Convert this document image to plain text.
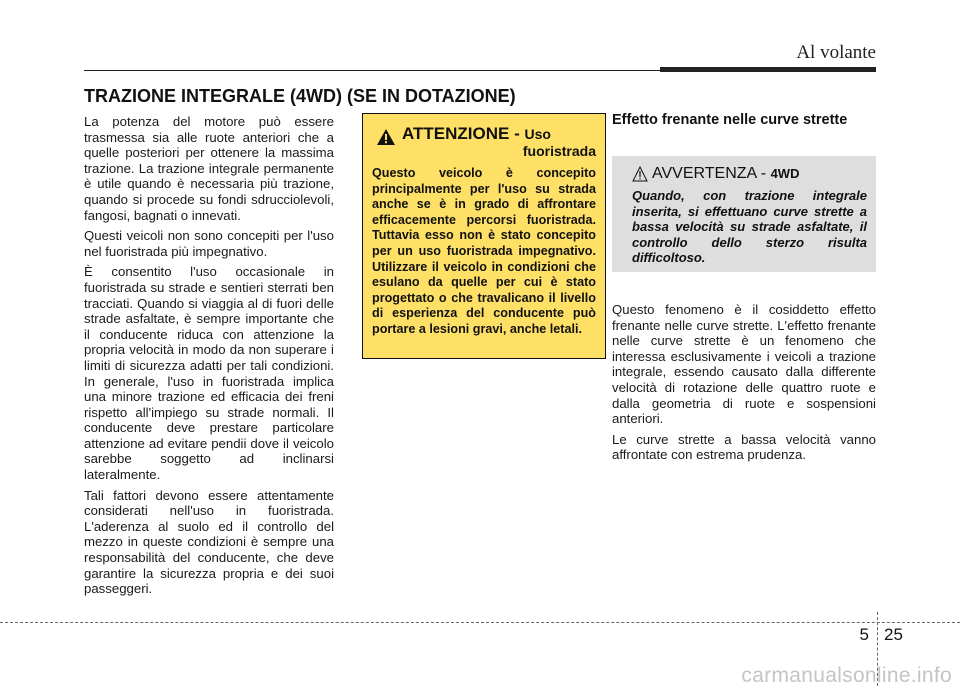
Al volante
TRAZIONE INTEGRALE (4WD) (SE IN DOTAZIONE)

La potenza del motore può essere trasmessa sia alle ruote anteriori che a quelle posteriori per ottenere la massima trazione. La trazione integrale permanente è utile quando è necessaria più trazione, quando si procede su fondi sdrucciolevoli, fangosi, bagnati o innevati.

Questi veicoli non sono concepiti per l'uso nel fuoristrada più impegnativo.

È consentito l'uso occasionale in fuoristrada su strade e sentieri sterrati ben tracciati. Quando si viaggia al di fuori delle strade asfaltate, è sempre importante che il conducente riduca con attenzione la propria velocità in modo da non superare i limiti di sicurezza adatti per tali condizioni. In generale, l'uso in fuoristrada implica una minore trazione ed efficacia dei freni rispetto all'impiego su strade normali. Il conducente deve prestare particolare attenzione ad evitare pendii dove il veicolo sarebbe soggetto ad inclinarsi lateralmente.

Tali fattori devono essere attentamente considerati nell'uso in fuoristrada. L'aderenza al suolo ed il controllo del mezzo in queste condizioni è sempre una responsabilità del conducente, che deve garantire la sicurezza propria e dei suoi passeggeri.

ATTENZIONE - Uso
fuoristrada
Questo veicolo è concepito principalmente per l'uso su strada anche se è in grado di affrontare efficacemente percorsi fuoristrada. Tuttavia esso non è stato concepito per un uso fuoristrada impegnativo. Utilizzare il veicolo in condizioni che esulano da quelle per cui è stato progettato o che travalicano il livello di esperienza del conducente può portare a lesioni gravi, anche letali.
Effetto frenante nelle curve strette
AVVERTENZA - 4WD
Quando, con trazione integrale inserita, si effettuano curve strette a bassa velocità su strade asfaltate, il controllo dello sterzo risulta difficoltoso.

Questo fenomeno è il cosiddetto effetto frenante nelle curve strette. L'effetto frenante nelle curve strette è un fenomeno che interessa esclusivamente i veicoli a trazione integrale, essendo causato dalla differente velocità di rotazione delle quattro ruote e dalla geometria di ruote e sospensioni anteriori.

Le curve strette a bassa velocità vanno affrontate con estrema prudenza.

5 25
carmanualsonline.info
